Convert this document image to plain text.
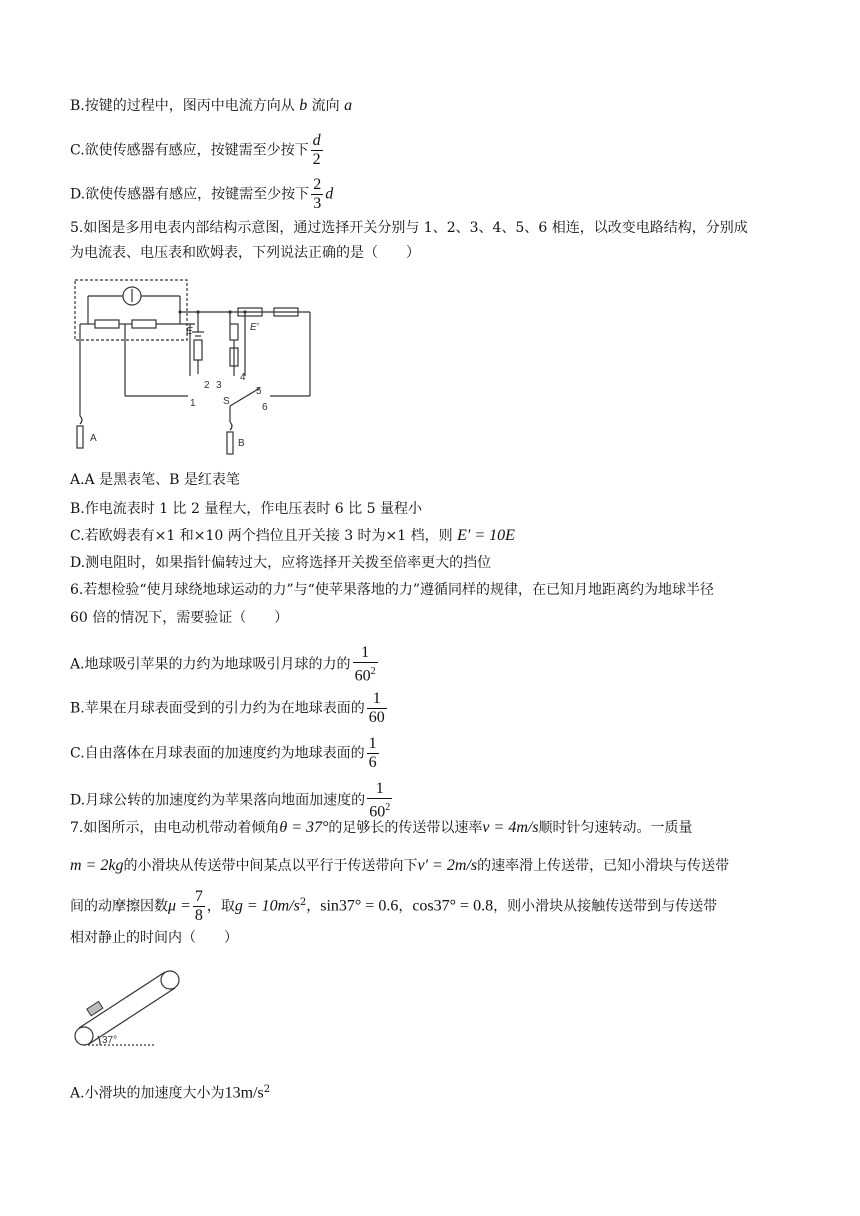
B.按键的过程中，图丙中电流方向从 b 流向 a
C.欲使传感器有感应，按键需至少按下 $\frac{d}{2}$
D.欲使传感器有感应，按键需至少按下 $\frac{2}{3}$ d
5.如图是多用电表内部结构示意图，通过选择开关分别与 1、2、3、4、5、6 相连，以改变电路结构，分别成
为电流表、电压表和欧姆表，下列说法正确的是（　　）
E	E′
2 3
1
4
5
6
S
A	B
A.A 是黑表笔、B 是红表笔
B.作电流表时 1 比 2 量程大，作电压表时 6 比 5 量程小
C.若欧姆表有×1 和×10 两个挡位且开关接 3 时为×1 档，则 E′ = 10E
D.测电阻时，如果指针偏转过大，应将选择开关拨至倍率更大的挡位
6.若想检验“使月球绕地球运动的力”与“使苹果落地的力”遵循同样的规律，在已知月地距离约为地球半径
60 倍的情况下，需要验证（　　）
A.地球吸引苹果的力约为地球吸引月球的力的 $\frac{1}{60^2}$
B.苹果在月球表面受到的引力约为在地球表面的 $\frac{1}{60}$
C.自由落体在月球表面的加速度约为地球表面的 $\frac{1}{6}$
D.月球公转的加速度约为苹果落向地面加速度的 $\frac{1}{60^2}$
7.如图所示，由电动机带动着倾角θ = 37°的足够长的传送带以速率v = 4m/s顺时针匀速转动。一质量
m = 2kg的小滑块从传送带中间某点以平行于传送带向下v′ = 2m/s的速率滑上传送带，已知小滑块与传送带
间的动摩擦因数$\mu = \frac{7}{8}$ ，取$g = 10m/s^2$，sin37° = 0.6，cos37° = 0.8，则小滑块从接触传送带到与传送带
相对静止的时间内（　　）
37°
A.小滑块的加速度大小为$13m/s^2$
